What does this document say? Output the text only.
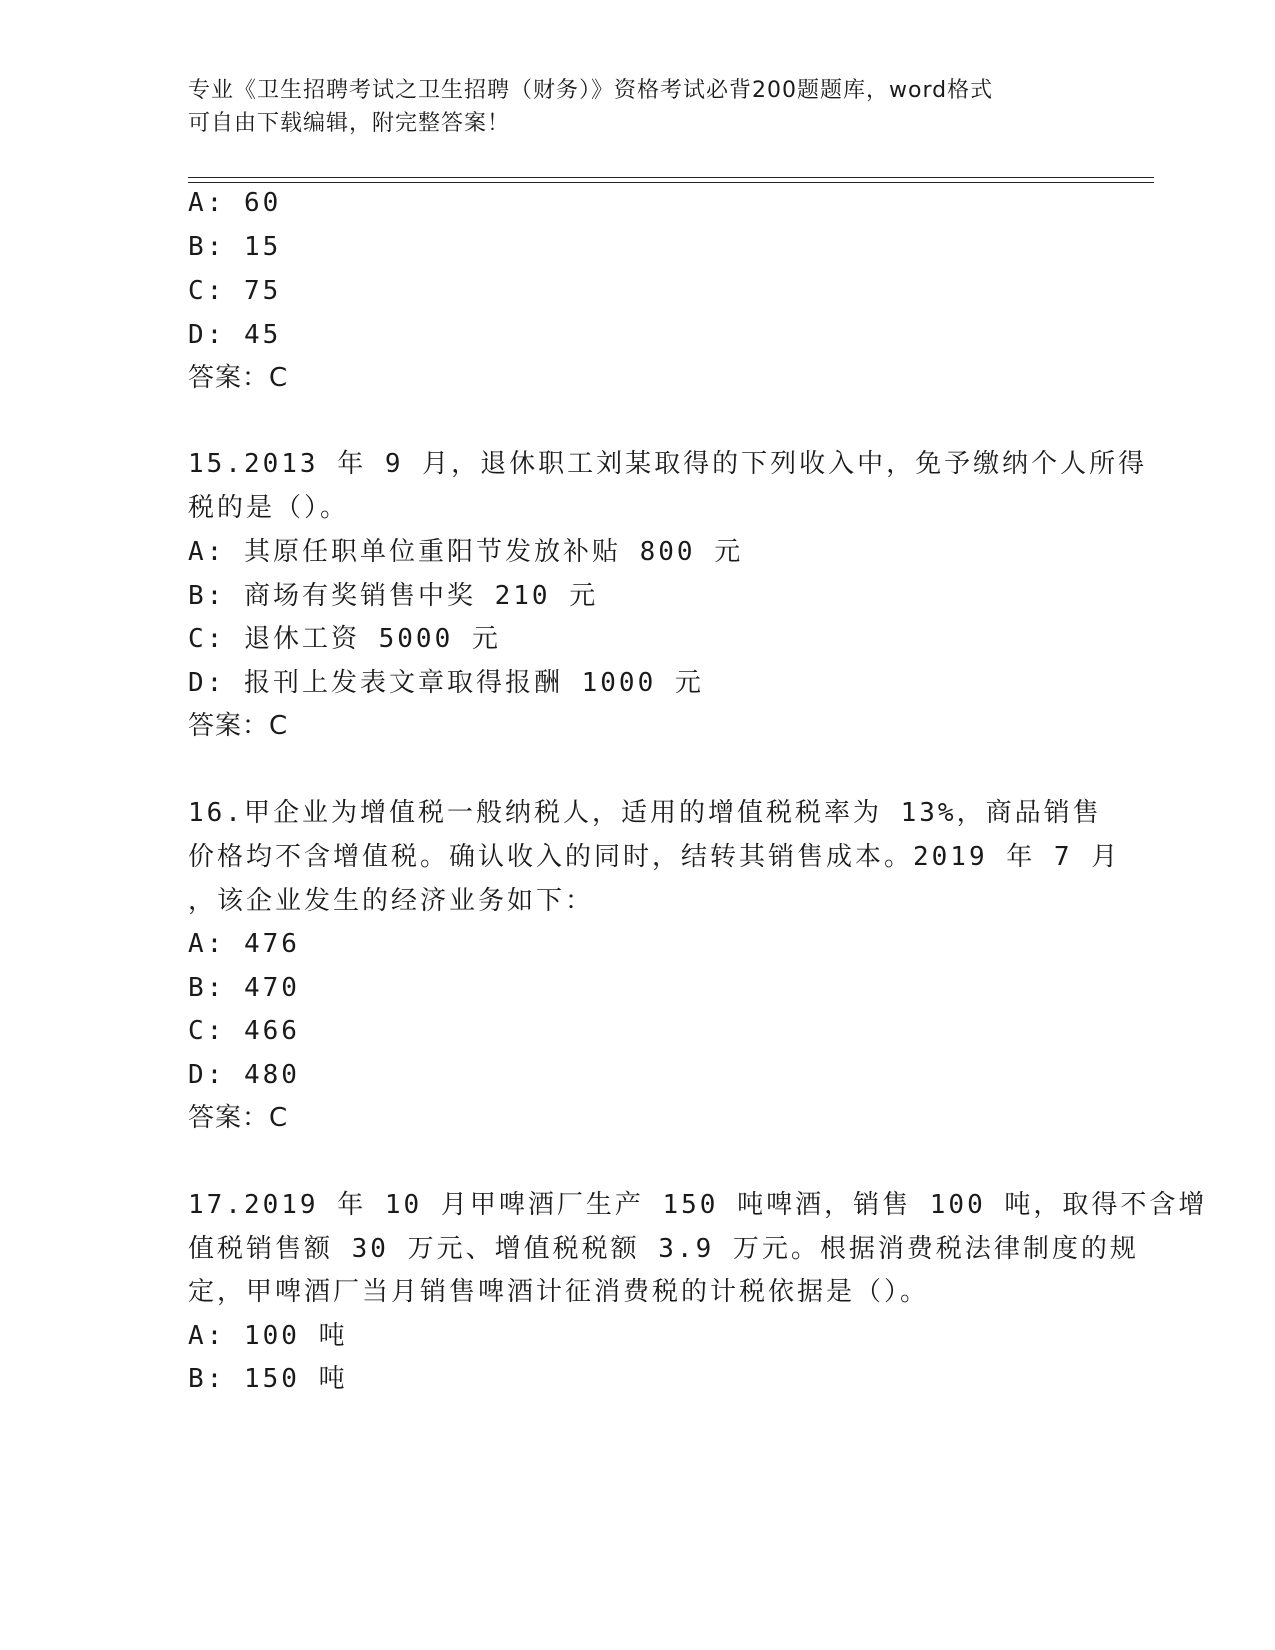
专业《卫生招聘考试之卫生招聘（财务）》资格考试必背200题题库，word格式
可自由下载编辑，附完整答案！
A: 60
B: 15
C: 75
D: 45
答案：C
15.2013 年 9 月，退休职工刘某取得的下列收入中，免予缴纳个人所得
税的是（）。
A: 其原任职单位重阳节发放补贴 800 元
B: 商场有奖销售中奖 210 元
C: 退休工资 5000 元
D: 报刊上发表文章取得报酬 1000 元
答案：C
16.甲企业为增值税一般纳税人，适用的增值税税率为 13%，商品销售
价格均不含增值税。确认收入的同时，结转其销售成本。2019 年 7 月
，该企业发生的经济业务如下：
A: 476
B: 470
C: 466
D: 480
答案：C
17.2019 年 10 月甲啤酒厂生产 150 吨啤酒，销售 100 吨，取得不含增
值税销售额 30 万元、增值税税额 3.9 万元。根据消费税法律制度的规
定，甲啤酒厂当月销售啤酒计征消费税的计税依据是（）。
A: 100 吨
B: 150 吨
